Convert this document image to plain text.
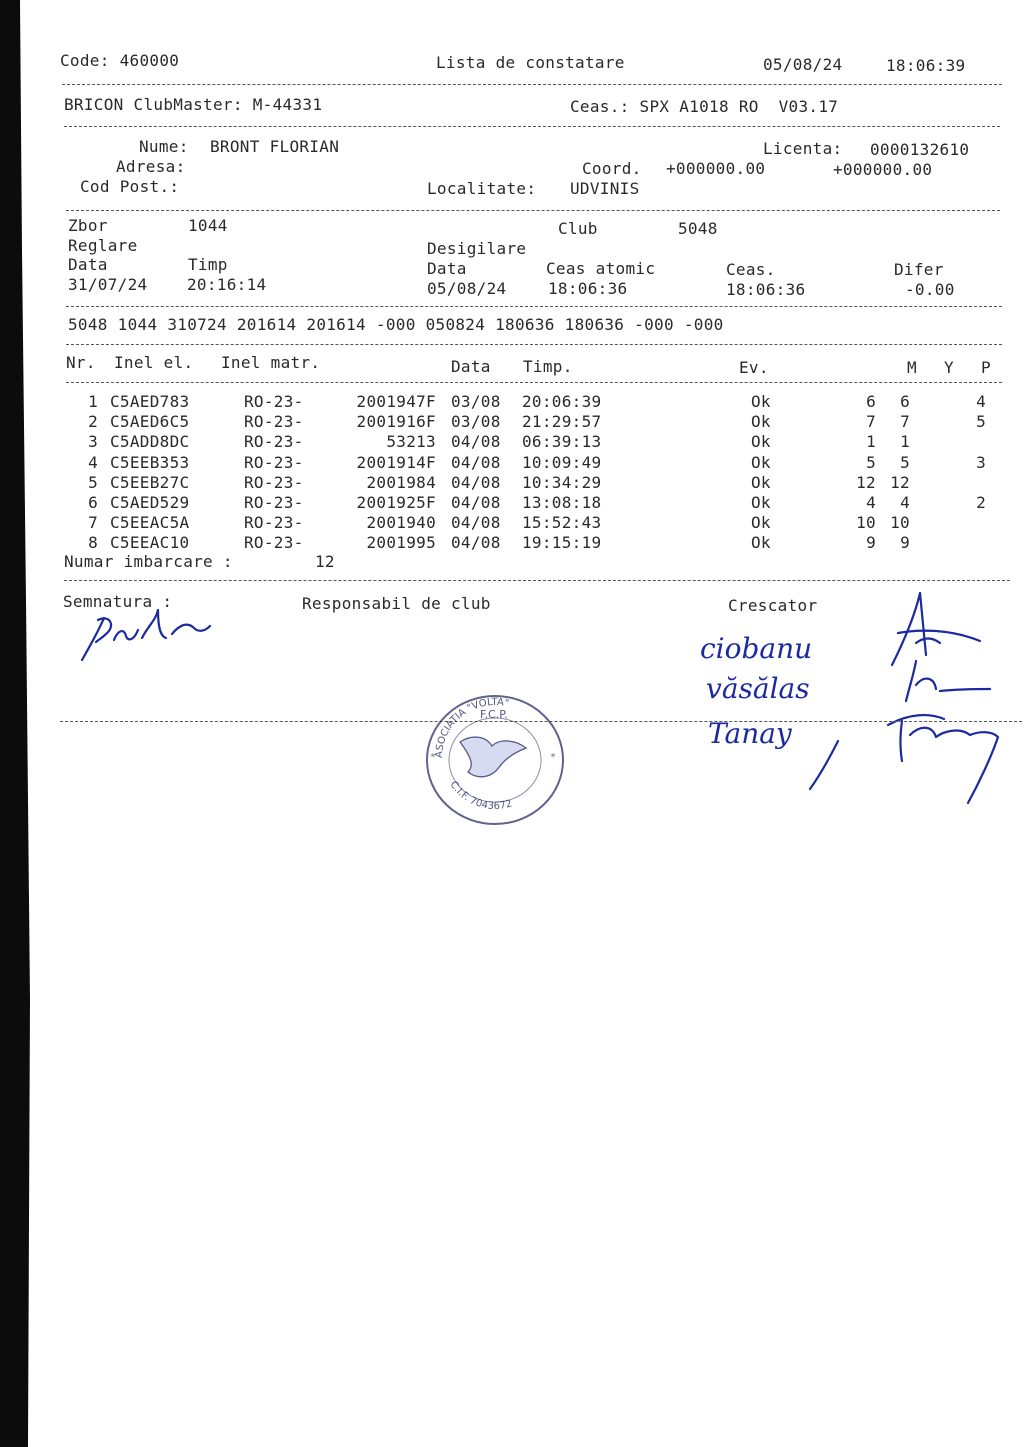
Code: 460000	Lista de constatare	05/08/24	18:06:39
BRICON ClubMaster: M-44331	Ceas.: SPX A1018 RO  V03.17
Nume: BRONT FLORIAN	Licenta: 0000132610
Adresa:	Coord. +000000.00	+000000.00
Cod Post.:	Localitate: UDVINIS
Zbor	1044	Club	5048
Reglare	Desigilare
Data	Timp	Data	Ceas atomic	Ceas.	Difer
31/07/24 20:16:14	05/08/24	18:06:36	18:06:36	-0.00
5048 1044 310724 201614 201614 -000 050824 180636 180636 -000 -000
Nr. Inel el. Inel matr.	Data Timp.	Ev.	M Y P
1 C5AED783	RO-23-	2001947F 03/08 20:06:39	Ok	6	6	4
2 C5AED6C5	RO-23-	2001916F 03/08 21:29:57	Ok	7	7	5
3 C5ADD8DC	RO-23-	53213 04/08 06:39:13	Ok	1	1
4 C5EEB353	RO-23-	2001914F 04/08 10:09:49	Ok	5	5	3
5 C5EEB27C	RO-23-	2001984 04/08 10:34:29	Ok	12 12
6 C5AED529	RO-23-	2001925F 04/08 13:08:18	Ok	4	4	2
7 C5EEAC5A	RO-23-	2001940 04/08 15:52:43	Ok	10 10
8 C5EEAC10	RO-23-	2001995 04/08 19:15:19	Ok	9	9
Numar imbarcare :	12
Semnatura :	Responsabil de club	Crescator
ciobanu
văsălas
Tanay
ASOCIATIA "VOLTA"
F.C.P.
C.I.F. 7043672
*	*
